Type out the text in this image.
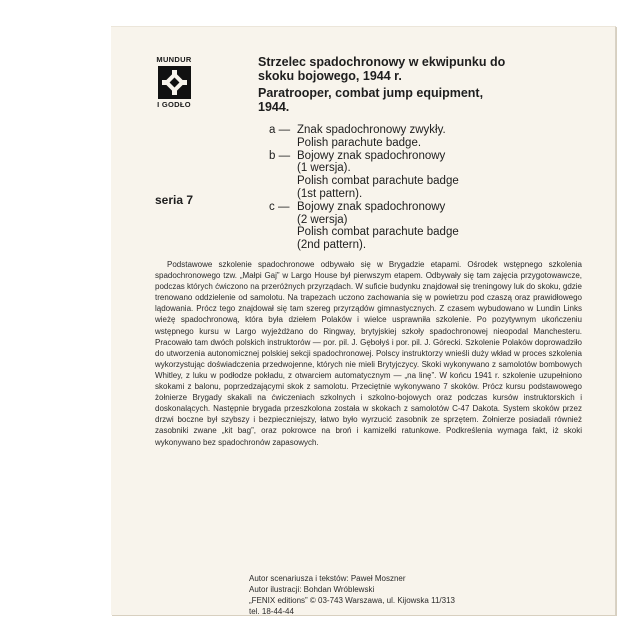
MUNDUR
I GODŁO
Strzelec spadochronowy w ekwipunku do skoku bojowego, 1944 r.
Paratrooper, combat jump equipment, 1944.
a — Znak spadochronowy zwykły.
Polish parachute badge.
b — Bojowy znak spadochronowy
(1 wersja).
Polish combat parachute badge
(1st pattern).
c — Bojowy znak spadochronowy
(2 wersja)
Polish combat parachute badge
(2nd pattern).
seria 7
Podstawowe szkolenie spadochronowe odbywało się w Brygadzie etapami. Ośrodek wstępnego szkolenia spadochronowego tzw. „Małpi Gaj” w Largo House był pierwszym etapem. Odbywały się tam zajęcia przygotowawcze, podczas których ćwiczono na przeróżnych przyrządach. W suficie budynku znajdował się treningowy luk do skoku, gdzie trenowano oddzielenie od samolotu. Na trapezach uczono zachowania się w powietrzu pod czaszą oraz prawidłowego lądowania. Prócz tego znajdował się tam szereg przyrządów gimnastycznych. Z czasem wybudowano w Lundin Links wieżę spadochronową, która była dziełem Polaków i wielce usprawniła szkolenie. Po pozytywnym ukończeniu wstępnego kursu w Largo wyjeżdżano do Ringway, brytyjskiej szkoły spadochronowej nieopodal Manchesteru. Pracowało tam dwóch polskich instruktorów — por. pil. J. Gębołyś i por. pil. J. Górecki. Szkolenie Polaków doprowadziło do utworzenia autonomicznej polskiej sekcji spadochronowej. Polscy instruktorzy wnieśli duży wkład w proces szkolenia wykorzystując doświadczenia przedwojenne, których nie mieli Brytyjczycy. Skoki wykonywano z samolotów bombowych Whitley, z luku w podłodze pokładu, z otwarciem automatycznym — „na linę”. W końcu 1941 r. szkolenie uzupełniono skokami z balonu, poprzedzającymi skok z samolotu. Przeciętnie wykonywano 7 skoków. Prócz kursu podstawowego żołnierze Brygady skakali na ćwiczeniach szkolnych i szkolno-bojowych oraz podczas kursów instruktorskich i doskonalących. Następnie brygada przeszkolona została w skokach z samolotów C-47 Dakota. System skoków przez drzwi boczne był szybszy i bezpieczniejszy, łatwo było wyrzucić zasobnik ze sprzętem. Żołnierze posiadali również zasobniki zwane „kit bag”, oraz pokrowce na broń i kamizelki ratunkowe. Podkreślenia wymaga fakt, iż skoki wykonywano bez spadochronów zapasowych.
Autor scenariusza i tekstów: Paweł Moszner
Autor ilustracji: Bohdan Wróblewski
„FENIX editions” © 03-743 Warszawa, ul. Kijowska 11/313
tel. 18-44-44
